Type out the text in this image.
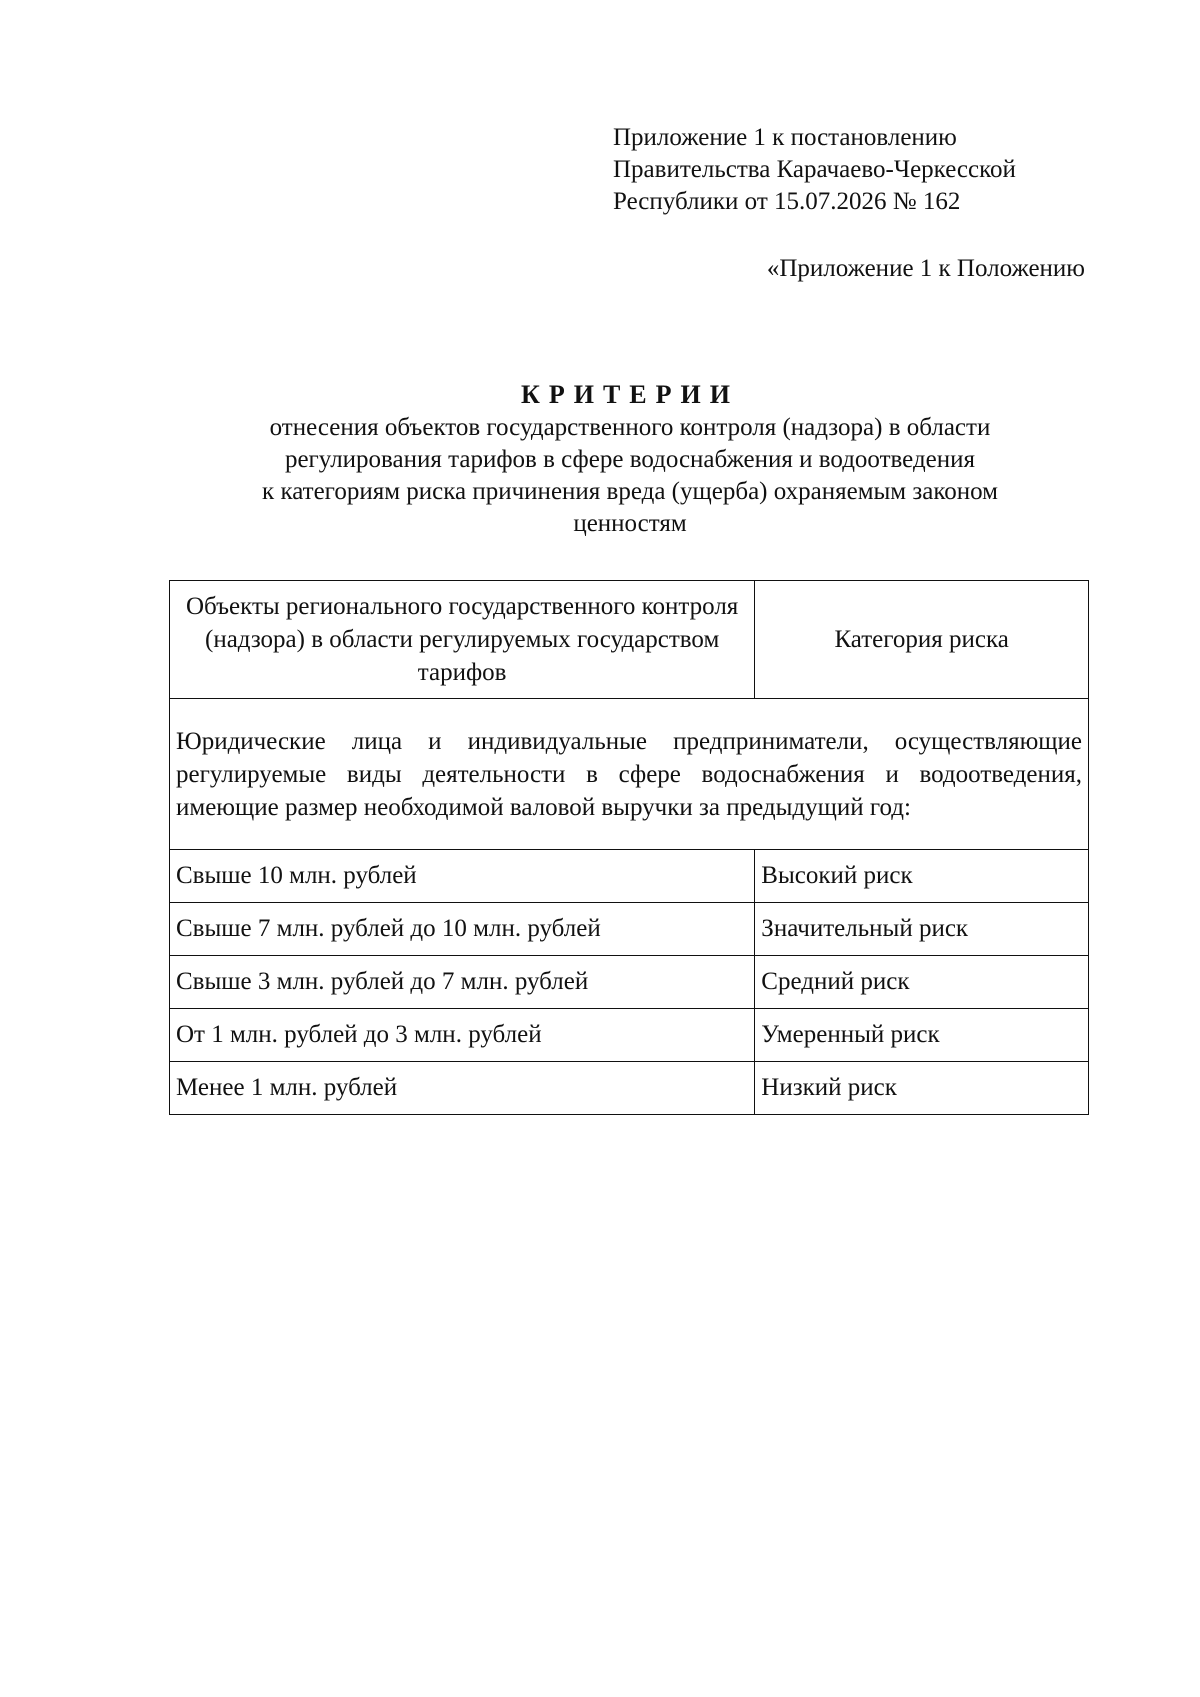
Приложение 1 к постановлению
Правительства Карачаево-Черкесской
Республики от 15.07.2026 № 162
«Приложение 1 к Положению
КРИТЕРИИ
отнесения объектов государственного контроля (надзора) в области
регулирования тарифов в сфере водоснабжения и водоотведения
к категориям риска причинения вреда (ущерба) охраняемым законом
ценностям
Объекты регионального государственного контроля (надзора) в области регулируемых государством тарифов	Категория риска
Юридические лица и индивидуальные предприниматели, осуществляющие регулируемые виды деятельности в сфере водоснабжения и водоотведения, имеющие размер необходимой валовой выручки за предыдущий год:	
Свыше 10 млн. рублей	Высокий риск
Свыше 7 млн. рублей до 10 млн. рублей	Значительный риск
Свыше 3 млн. рублей до 7 млн. рублей	Средний риск
От 1 млн. рублей до 3 млн. рублей	Умеренный риск
Менее 1 млн. рублей	Низкий риск
